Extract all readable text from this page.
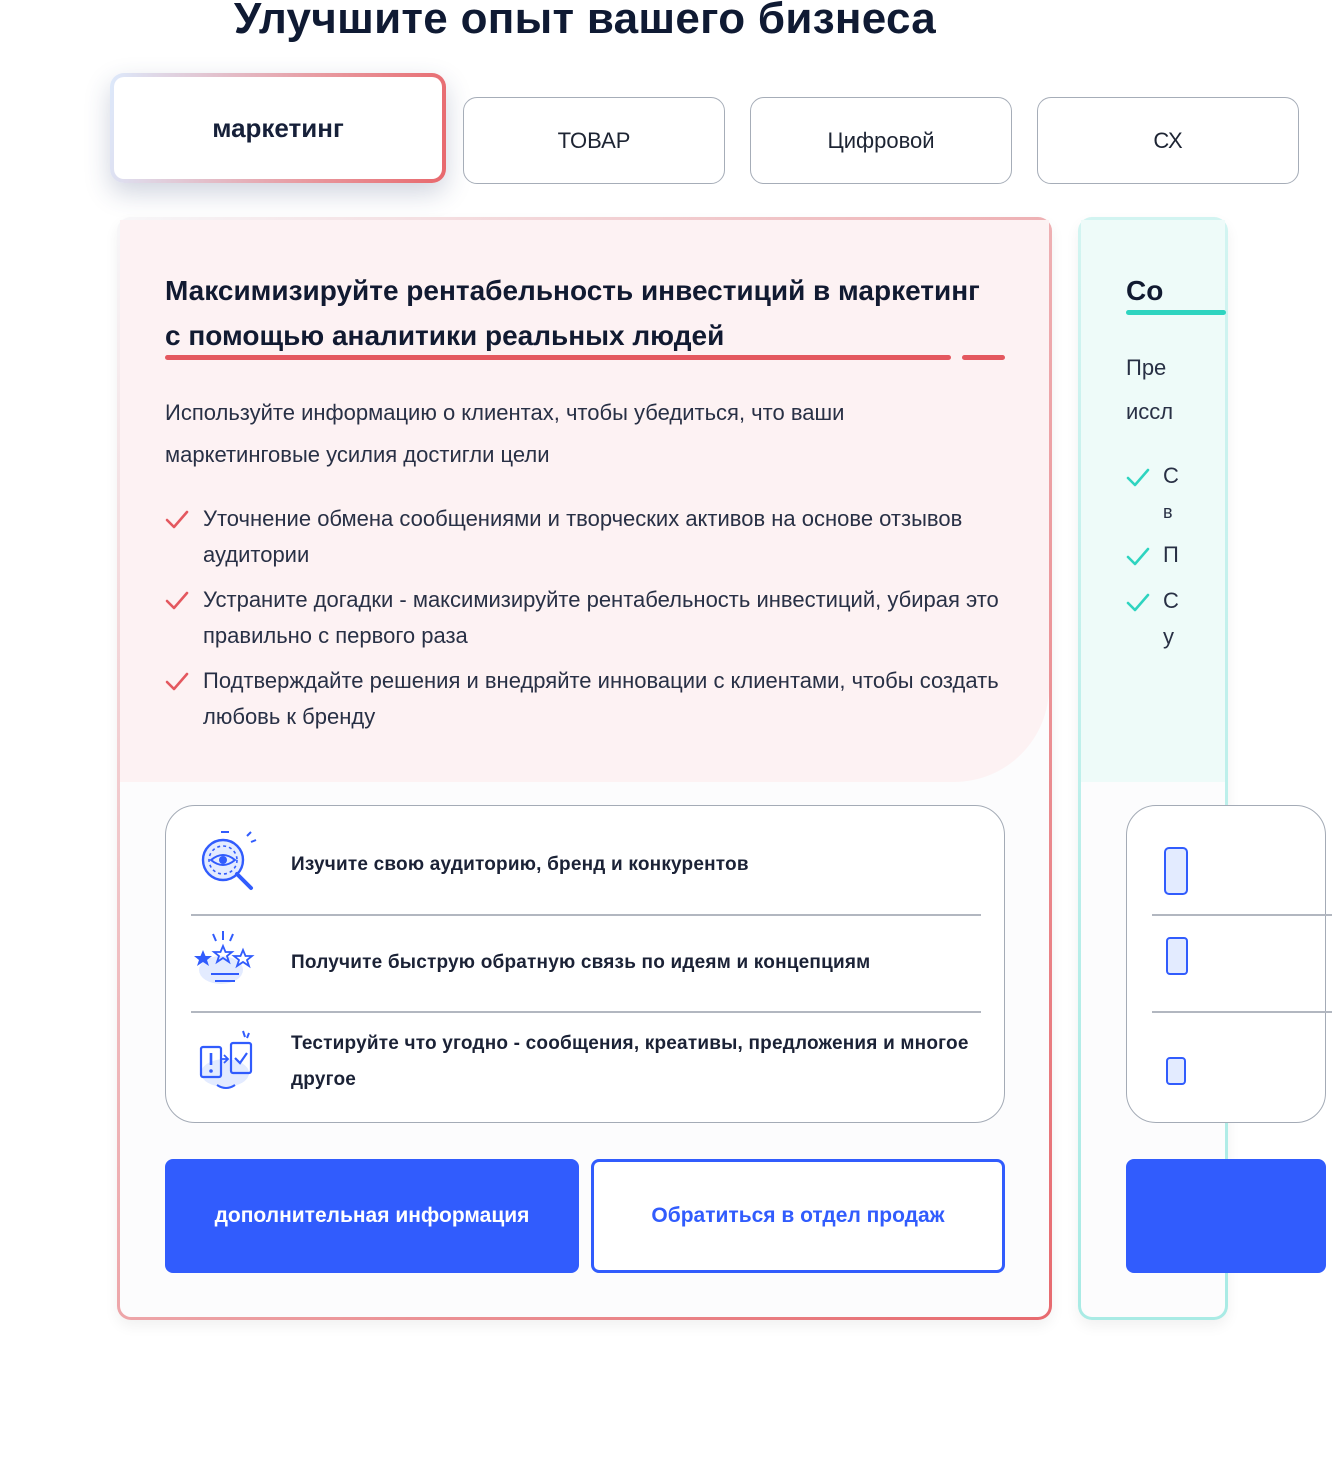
Улучшите опыт вашего бизнеса
маркетинг	ТОВАР	Цифровой	СХ
Максимизируйте рентабельность инвестиций в маркетинг с помощью аналитики реальных людей

Используйте информацию о клиентах, чтобы убедиться, что ваши маркетинговые усилия достигли цели

Уточнение обмена сообщениями и творческих активов на основе отзывов аудитории
Устраните догадки - максимизируйте рентабельность инвестиций, убирая это правильно с первого раза
Подтверждайте решения и внедряйте инновации с клиентами, чтобы создать любовь к бренду
Изучите свою аудиторию, бренд и конкурентов
Получите быструю обратную связь по идеям и концепциям
Тестируйте что угодно - сообщения, креативы, предложения и многое другое
дополнительная информация	Обратиться в отдел продаж
Co
Пре
иссл
С
в
П
С
у
